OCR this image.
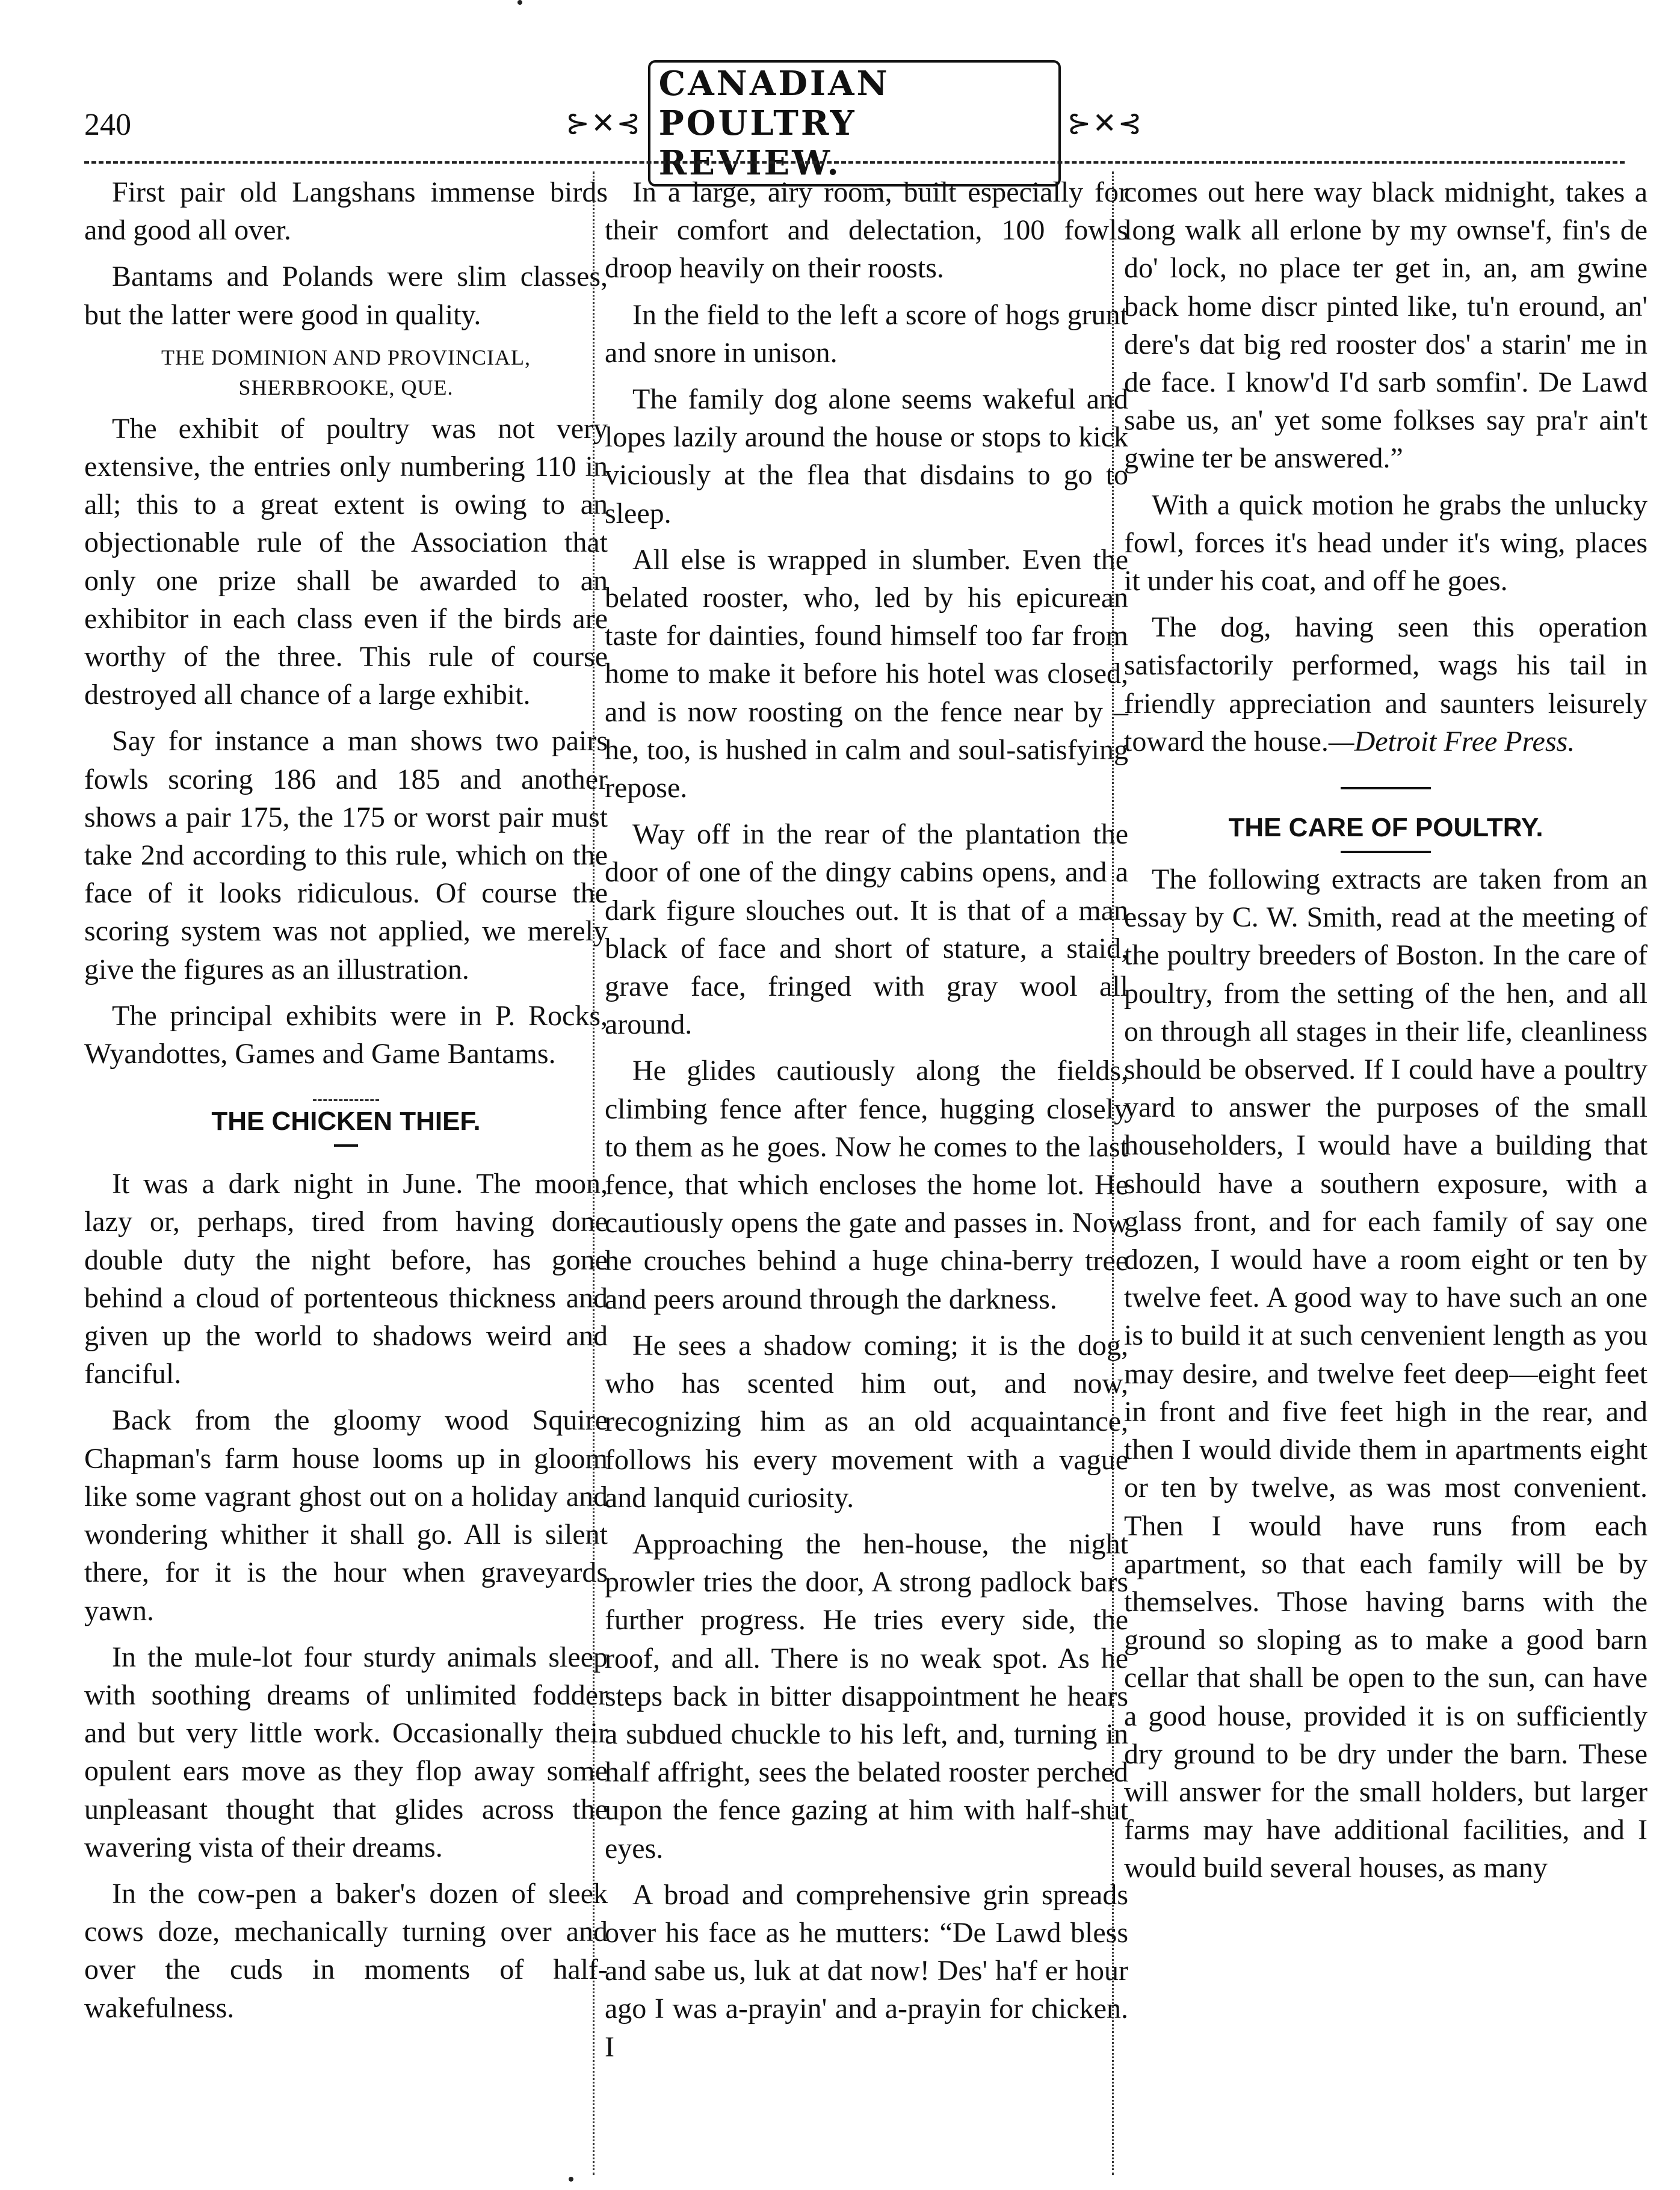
240	⊱✕⊰
CANADIAN POULTRY REVIEW.
⊱✕⊰

First pair old Langshans immense birds and good all over.

Bantams and Polands were slim classes, but the latter were good in quality.

THE DOMINION AND PROVINCIAL, SHERBROOKE, QUE.

The exhibit of poultry was not very extensive, the entries only numbering 110 in all; this to a great extent is owing to an objectionable rule of the Association that only one prize shall be awarded to an exhibitor in each class even if the birds are worthy of the three. This rule of course destroyed all chance of a large exhibit.

Say for instance a man shows two pairs fowls scoring 186 and 185 and another shows a pair 175, the 175 or worst pair must take 2nd according to this rule, which on the face of it looks ridiculous. Of course the scoring system was not applied, we merely give the figures as an illustration.

The principal exhibits were in P. Rocks, Wyandottes, Games and Game Bantams.

THE CHICKEN THIEF.

It was a dark night in June. The moon, lazy or, perhaps, tired from having done double duty the night before, has gone behind a cloud of portenteous thickness and given up the world to shadows weird and fanciful.

Back from the gloomy wood Squire Chapman's farm house looms up in gloom like some vagrant ghost out on a holiday and wondering whither it shall go. All is silent there, for it is the hour when graveyards yawn.

In the mule-lot four sturdy animals sleep with soothing dreams of unlimited fodder and but very little work. Occasionally their opulent ears move as they flop away some unpleasant thought that glides across the wavering vista of their dreams.

In the cow-pen a baker's dozen of sleek cows doze, mechanically turning over and over the cuds in moments of half-wakefulness.

In a large, airy room, built especially for their comfort and delectation, 100 fowls droop heavily on their roosts.

In the field to the left a score of hogs grunt and snore in unison.

The family dog alone seems wakeful and lopes lazily around the house or stops to kick viciously at the flea that disdains to go to sleep.

All else is wrapped in slumber. Even the belated rooster, who, led by his epicurean taste for dainties, found himself too far from home to make it before his hotel was closed, and is now roosting on the fence near by – he, too, is hushed in calm and soul-satisfying repose.

Way off in the rear of the plantation the door of one of the dingy cabins opens, and a dark figure slouches out. It is that of a man black of face and short of stature, a staid, grave face, fringed with gray wool all around.

He glides cautiously along the fields, climbing fence after fence, hugging closely to them as he goes. Now he comes to the last fence, that which encloses the home lot. He cautiously opens the gate and passes in. Now he crouches behind a huge china-berry tree and peers around through the darkness.

He sees a shadow coming; it is the dog, who has scented him out, and now, recognizing him as an old acquaintance, follows his every movement with a vague and lanquid curiosity.

Approaching the hen-house, the night prowler tries the door, A strong padlock bars further progress. He tries every side, the roof, and all. There is no weak spot. As he steps back in bitter disappointment he hears a subdued chuckle to his left, and, turning in half affright, sees the belated rooster perched upon the fence gazing at him with half-shut eyes.

A broad and comprehensive grin spreads over his face as he mutters: “De Lawd bless and sabe us, luk at dat now! Des' ha'f er hour ago I was a-prayin' and a-prayin for chicken. I

comes out here way black midnight, takes a long walk all erlone by my ownse'f, fin's de do' lock, no place ter get in, an, am gwine back home discr pinted like, tu'n eround, an' dere's dat big red rooster dos' a starin' me in de face. I know'd I'd sarb somfin'. De Lawd sabe us, an' yet some folkses say pra'r ain't gwine ter be answered.”

With a quick motion he grabs the unlucky fowl, forces it's head under it's wing, places it under his coat, and off he goes.

The dog, having seen this operation satisfactorily performed, wags his tail in friendly appreciation and saunters leisurely toward the house.—Detroit Free Press.

THE CARE OF POULTRY.

The following extracts are taken from an essay by C. W. Smith, read at the meeting of the poultry breeders of Boston. In the care of poultry, from the setting of the hen, and all on through all stages in their life, cleanliness should be observed. If I could have a poultry yard to answer the purposes of the small householders, I would have a building that should have a southern exposure, with a glass front, and for each family of say one dozen, I would have a room eight or ten by twelve feet. A good way to have such an one is to build it at such cenvenient length as you may desire, and twelve feet deep—eight feet in front and five feet high in the rear, and then I would divide them in apartments eight or ten by twelve, as was most convenient. Then I would have runs from each apartment, so that each family will be by themselves. Those having barns with the ground so sloping as to make a good barn cellar that shall be open to the sun, can have a good house, provided it is on sufficiently dry ground to be dry under the barn. These will answer for the small holders, but larger farms may have additional facilities, and I would build several houses, as many
